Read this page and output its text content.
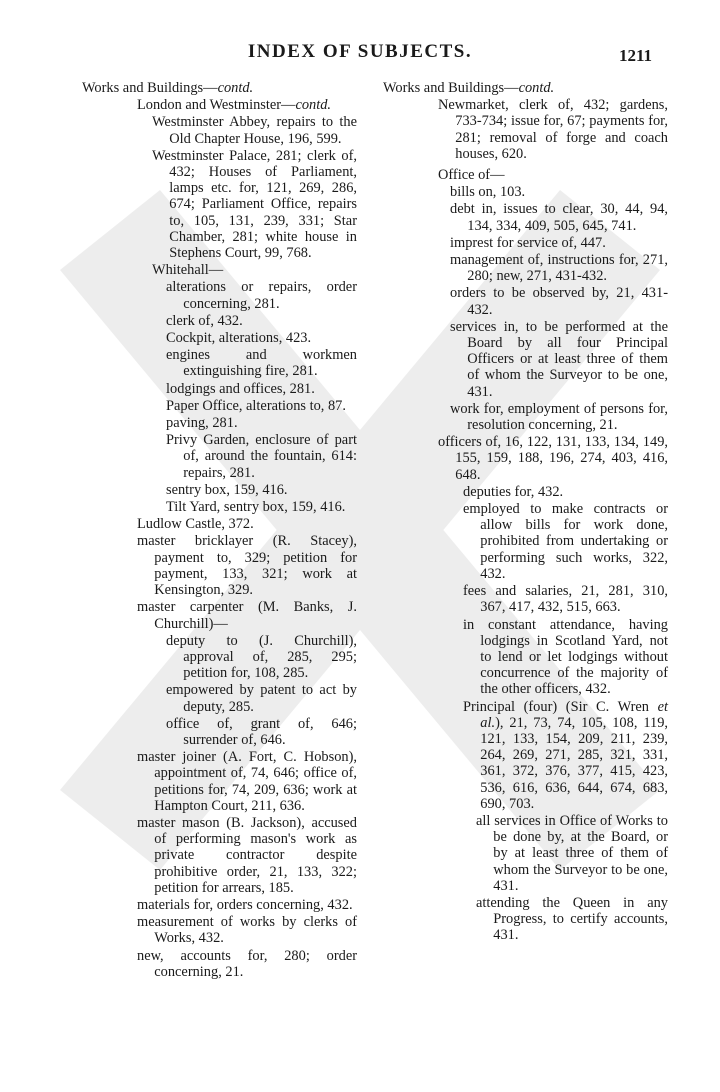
INDEX OF SUBJECTS.	1211
Works and Buildings—contd.
London and Westminster—contd.
Westminster Abbey, repairs to the Old Chapter House, 196, 599.
Westminster Palace, 281; clerk of, 432; Houses of Parliament, lamps etc. for, 121, 269, 286, 674; Parliament Office, repairs to, 105, 131, 239, 331; Star Chamber, 281; white house in Stephens Court, 99, 768.
Whitehall—
alterations or repairs, order concerning, 281.
clerk of, 432.
Cockpit, alterations, 423.
engines and workmen extinguishing fire, 281.
lodgings and offices, 281.
Paper Office, alterations to, 87.
paving, 281.
Privy Garden, enclosure of part of, around the fountain, 614: repairs, 281.
sentry box, 159, 416.
Tilt Yard, sentry box, 159, 416.
Ludlow Castle, 372.
master bricklayer (R. Stacey), payment to, 329; petition for payment, 133, 321; work at Kensington, 329.
master carpenter (M. Banks, J. Churchill)—
deputy to (J. Churchill), approval of, 285, 295; petition for, 108, 285.
empowered by patent to act by deputy, 285.
office of, grant of, 646; surrender of, 646.
master joiner (A. Fort, C. Hobson), appointment of, 74, 646; office of, petitions for, 74, 209, 636; work at Hampton Court, 211, 636.
master mason (B. Jackson), accused of performing mason's work as private contractor despite prohibitive order, 21, 133, 322; petition for arrears, 185.
materials for, orders concerning, 432.
measurement of works by clerks of Works, 432.
new, accounts for, 280; order concerning, 21.
Works and Buildings—contd.
Newmarket, clerk of, 432; gardens, 733-734; issue for, 67; payments for, 281; removal of forge and coach houses, 620.
Office of—
bills on, 103.
debt in, issues to clear, 30, 44, 94, 134, 334, 409, 505, 645, 741.
imprest for service of, 447.
management of, instructions for, 271, 280; new, 271, 431-432.
orders to be observed by, 21, 431-432.
services in, to be performed at the Board by all four Principal Officers or at least three of them of whom the Surveyor to be one, 431.
work for, employment of persons for, resolution concerning, 21.
officers of, 16, 122, 131, 133, 134, 149, 155, 159, 188, 196, 274, 403, 416, 648.
deputies for, 432.
employed to make contracts or allow bills for work done, prohibited from undertaking or performing such works, 322, 432.
fees and salaries, 21, 281, 310, 367, 417, 432, 515, 663.
in constant attendance, having lodgings in Scotland Yard, not to lend or let lodgings without concurrence of the majority of the other officers, 432.
Principal (four) (Sir C. Wren et al.), 21, 73, 74, 105, 108, 119, 121, 133, 154, 209, 211, 239, 264, 269, 271, 285, 321, 331, 361, 372, 376, 377, 415, 423, 536, 616, 636, 644, 674, 683, 690, 703.
all services in Office of Works to be done by, at the Board, or by at least three of them of whom the Surveyor to be one, 431.
attending the Queen in any Progress, to certify accounts, 431.
